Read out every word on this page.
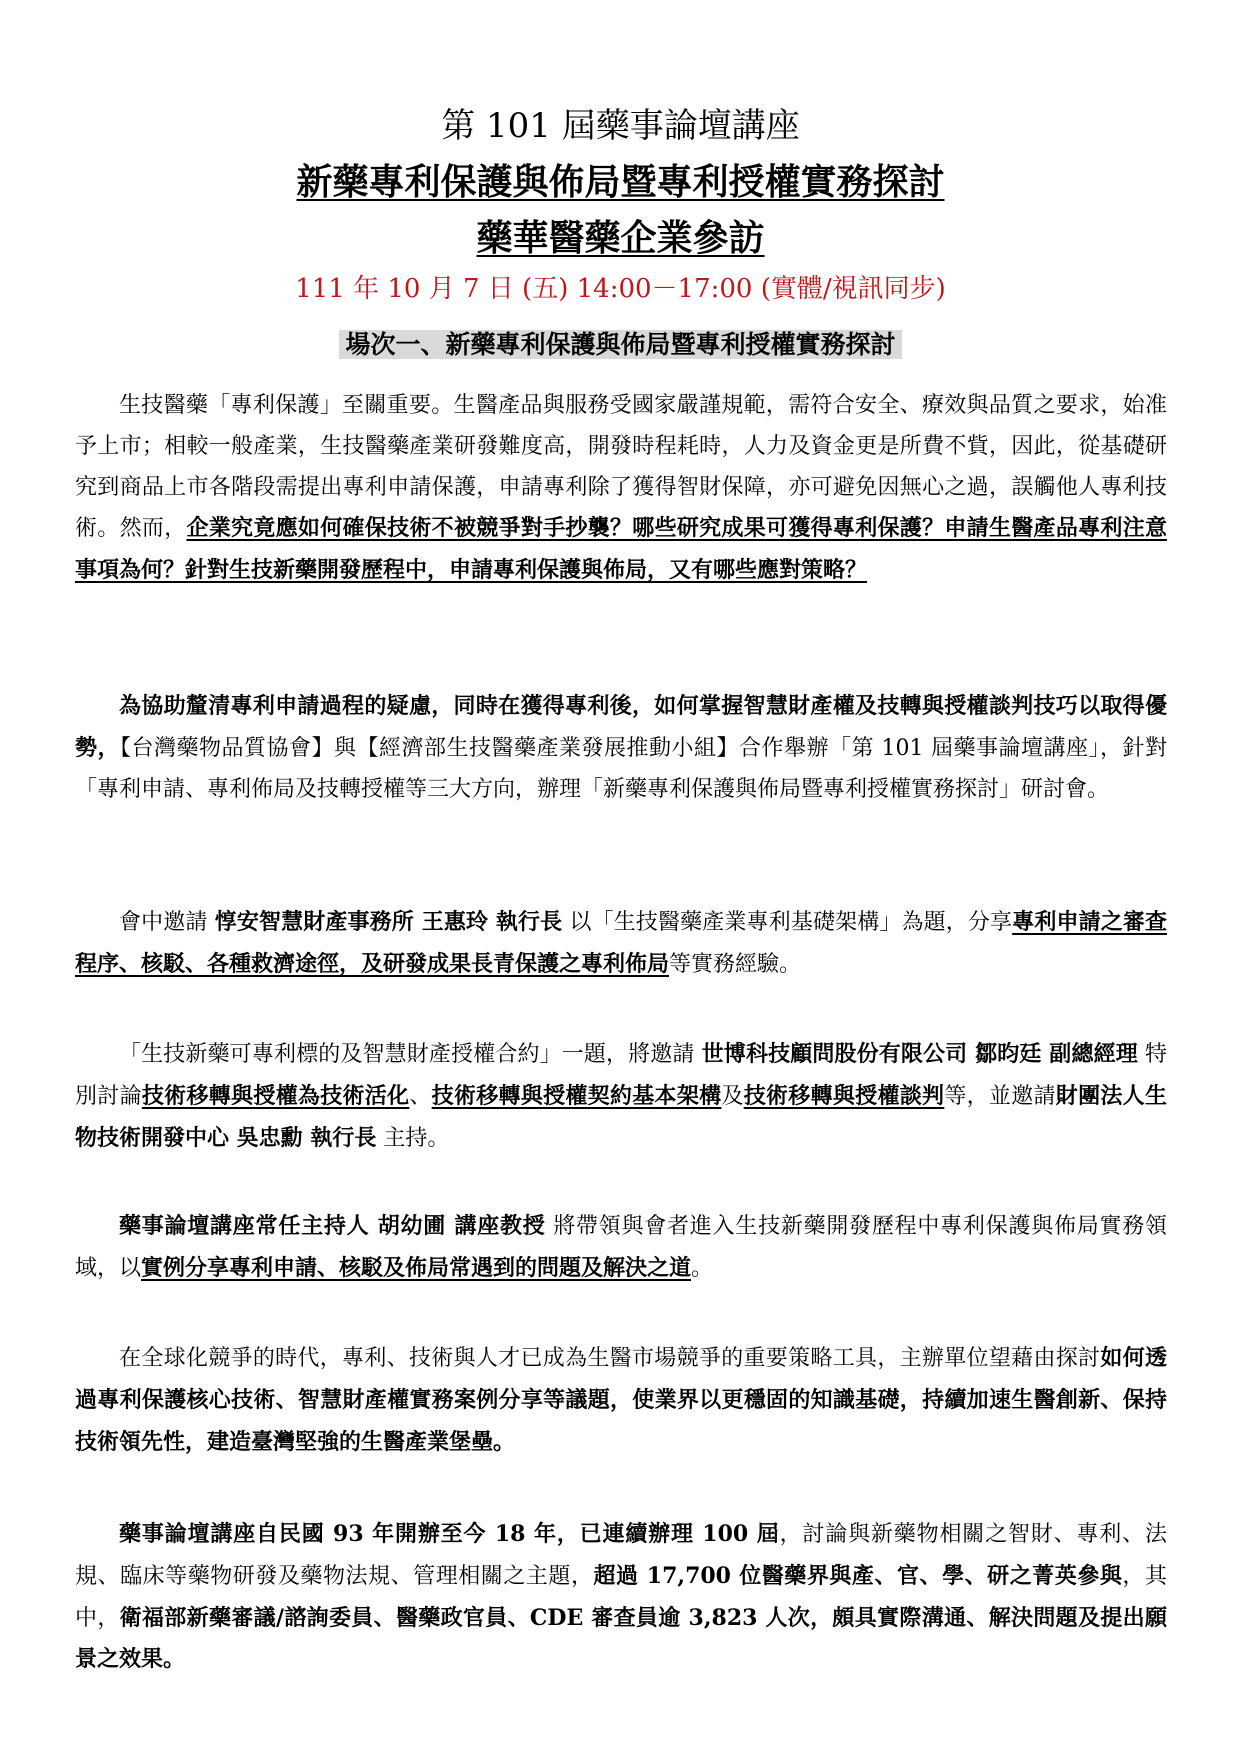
第 101 屆藥事論壇講座
新藥專利保護與佈局暨專利授權實務探討
藥華醫藥企業參訪
111 年 10 月 7 日 (五) 14:00－17:00 (實體/視訊同步)
場次一、新藥專利保護與佈局暨專利授權實務探討

生技醫藥「專利保護」至關重要。生醫產品與服務受國家嚴謹規範，需符合安全、療效與品質之要求，始准予上市；相較一般產業，生技醫藥產業研發難度高，開發時程耗時，人力及資金更是所費不貲，因此，從基礎研究到商品上市各階段需提出專利申請保護，申請專利除了獲得智財保障，亦可避免因無心之過，誤觸他人專利技術。然而，企業究竟應如何確保技術不被競爭對手抄襲？哪些研究成果可獲得專利保護？申請生醫產品專利注意事項為何？針對生技新藥開發歷程中，申請專利保護與佈局，又有哪些應對策略？

為協助釐清專利申請過程的疑慮，同時在獲得專利後，如何掌握智慧財產權及技轉與授權談判技巧以取得優勢，【台灣藥物品質協會】與【經濟部生技醫藥產業發展推動小組】合作舉辦「第 101 屆藥事論壇講座」，針對「專利申請、專利佈局及技轉授權等三大方向，辦理「新藥專利保護與佈局暨專利授權實務探討」研討會。

會中邀請 惇安智慧財產事務所 王惠玲 執行長 以「生技醫藥產業專利基礎架構」為題，分享專利申請之審查程序、核駁、各種救濟途徑，及研發成果長青保護之專利佈局等實務經驗。

「生技新藥可專利標的及智慧財產授權合約」一題，將邀請 世博科技顧問股份有限公司 鄒昀廷 副總經理 特別討論技術移轉與授權為技術活化、技術移轉與授權契約基本架構及技術移轉與授權談判等，並邀請財團法人生物技術開發中心 吳忠勳 執行長 主持。

藥事論壇講座常任主持人 胡幼圃 講座教授 將帶領與會者進入生技新藥開發歷程中專利保護與佈局實務領域，以實例分享專利申請、核駁及佈局常遇到的問題及解決之道。

在全球化競爭的時代，專利、技術與人才已成為生醫市場競爭的重要策略工具，主辦單位望藉由探討如何透過專利保護核心技術、智慧財產權實務案例分享等議題，使業界以更穩固的知識基礎，持續加速生醫創新、保持技術領先性，建造臺灣堅強的生醫產業堡壘。

藥事論壇講座自民國 93 年開辦至今 18 年，已連續辦理 100 屆，討論與新藥物相關之智財、專利、法規、臨床等藥物研發及藥物法規、管理相關之主題，超過 17,700 位醫藥界與產、官、學、研之菁英參與，其中，衛福部新藥審議/諮詢委員、醫藥政官員、CDE 審查員逾 3,823 人次，頗具實際溝通、解決問題及提出願景之效果。
